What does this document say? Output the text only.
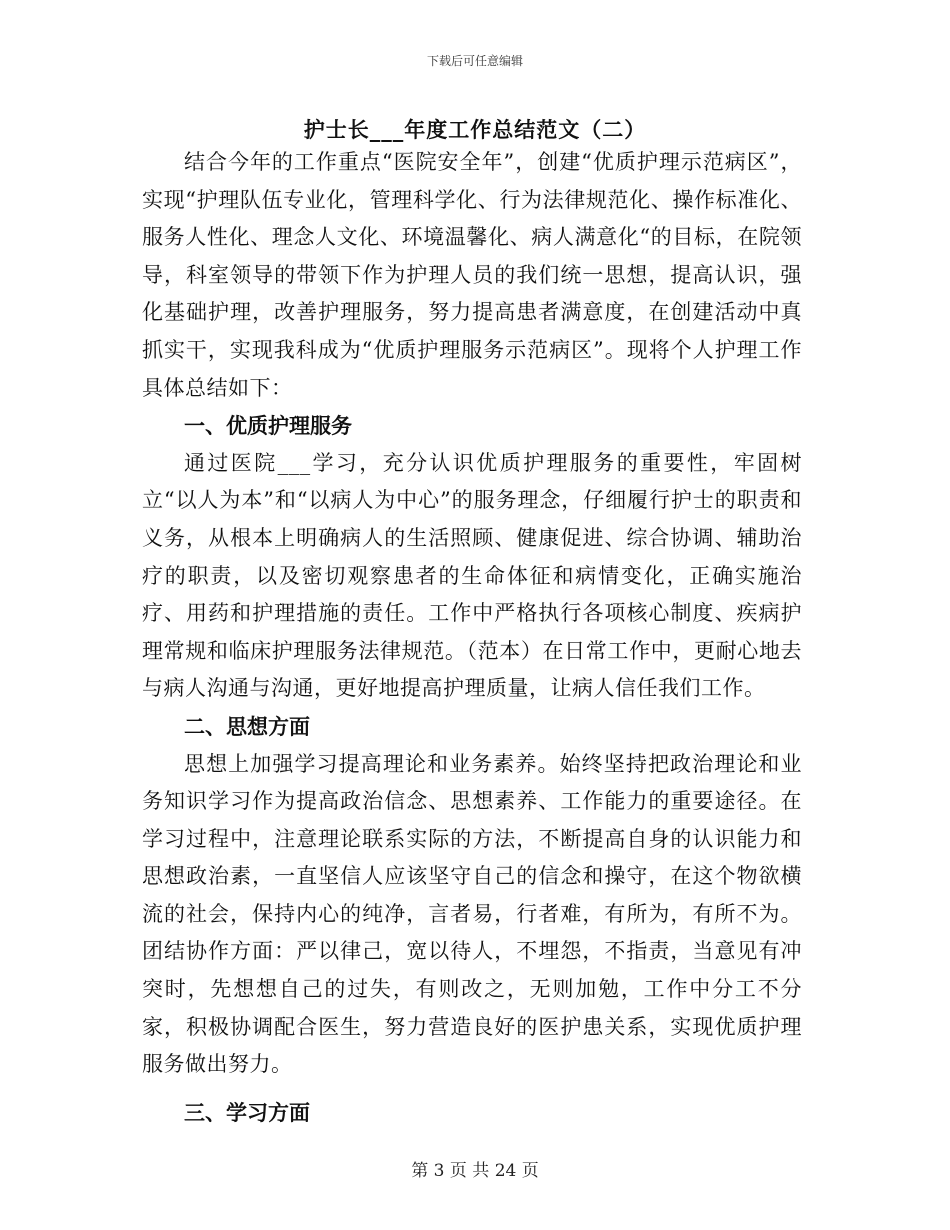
下载后可任意编辑
护士长___年度工作总结范文（二）

结合今年的工作重点“医院安全年”，创建“优质护理示范病区”，实现“护理队伍专业化，管理科学化、行为法律规范化、操作标准化、服务人性化、理念人文化、环境温馨化、病人满意化“的目标，在院领导，科室领导的带领下作为护理人员的我们统一思想，提高认识，强化基础护理，改善护理服务，努力提高患者满意度，在创建活动中真抓实干，实现我科成为“优质护理服务示范病区”。现将个人护理工作具体总结如下：

一、优质护理服务

通过医院___学习，充分认识优质护理服务的重要性，牢固树立“以人为本”和“以病人为中心”的服务理念，仔细履行护士的职责和义务，从根本上明确病人的生活照顾、健康促进、综合协调、辅助治疗的职责，以及密切观察患者的生命体征和病情变化，正确实施治疗、用药和护理措施的责任。工作中严格执行各项核心制度、疾病护理常规和临床护理服务法律规范。（范本）在日常工作中，更耐心地去与病人沟通与沟通，更好地提高护理质量，让病人信任我们工作。

二、思想方面

思想上加强学习提高理论和业务素养。始终坚持把政治理论和业务知识学习作为提高政治信念、思想素养、工作能力的重要途径。在学习过程中，注意理论联系实际的方法，不断提高自身的认识能力和思想政治素，一直坚信人应该坚守自己的信念和操守，在这个物欲横流的社会，保持内心的纯净，言者易，行者难，有所为，有所不为。团结协作方面：严以律己，宽以待人，不埋怨，不指责，当意见有冲突时，先想想自己的过失，有则改之，无则加勉，工作中分工不分家，积极协调配合医生，努力营造良好的医护患关系，实现优质护理服务做出努力。

三、学习方面

第 3 页 共 24 页
